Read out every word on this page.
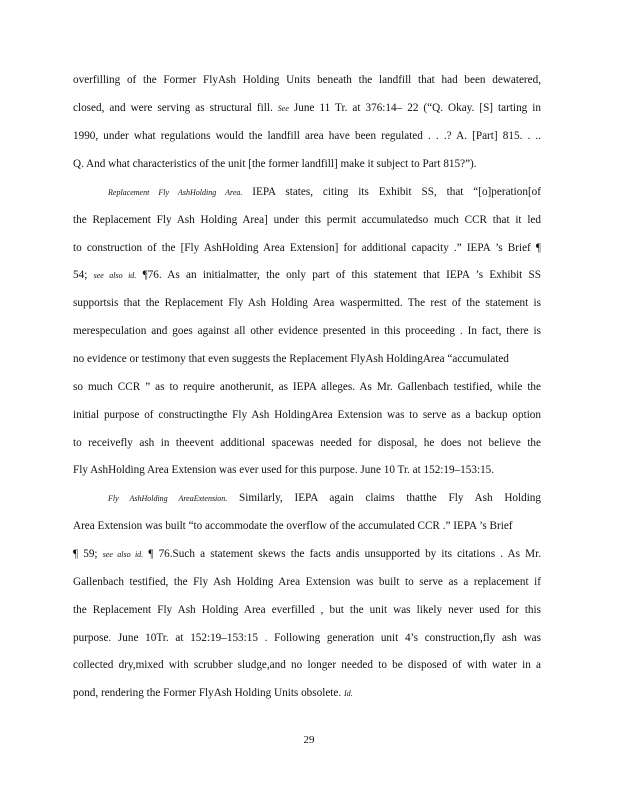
overfilling of the Former FlyAsh Holding Units beneath the landfill that had been dewatered,
closed, and were serving as structural fill. See June 11 Tr. at 376:14– 22 (“Q. Okay. [S] tarting in
1990, under what regulations would the landfill area have been regulated . . .? A. [Part] 815. . ..
Q. And what characteristics of the unit [the former landfill] make it subject to Part 815?”).
Replacement Fly AshHolding Area. IEPA states, citing its Exhibit SS, that “[o]peration[of
the Replacement Fly Ash Holding Area] under this permit accumulatedso much CCR that it led
to construction of the [Fly AshHolding Area Extension] for additional capacity .” IEPA ’s Brief ¶
54; see also id. ¶76. As an initialmatter, the only part of this statement that IEPA ’s Exhibit SS
supportsis that the Replacement Fly Ash Holding Area waspermitted. The rest of the statement is
merespeculation and goes against all other evidence presented in this proceeding . In fact, there is
no evidence or testimony that even suggests the Replacement FlyAsh HoldingArea “accumulated
so much CCR ” as to require anotherunit, as IEPA alleges. As Mr. Gallenbach testified, while the
initial purpose of constructingthe Fly Ash HoldingArea Extension was to serve as a backup option
to receivefly ash in theevent additional spacewas needed for disposal, he does not believe the
Fly AshHolding Area Extension was ever used for this purpose. June 10 Tr. at 152:19–153:15.
Fly AshHolding AreaExtension. Similarly, IEPA again claims thatthe Fly Ash Holding
Area Extension was built “to accommodate the overflow of the accumulated CCR .” IEPA ’s Brief
¶ 59; see also id. ¶ 76.Such a statement skews the facts andis unsupported by its citations . As Mr.
Gallenbach testified, the Fly Ash Holding Area Extension was built to serve as a replacement if
the Replacement Fly Ash Holding Area everfilled , but the unit was likely never used for this
purpose. June 10Tr. at 152:19–153:15 . Following generation unit 4’s construction,fly ash was
collected dry,mixed with scrubber sludge,and no longer needed to be disposed of with water in a
pond, rendering the Former FlyAsh Holding Units obsolete. Id.
29
